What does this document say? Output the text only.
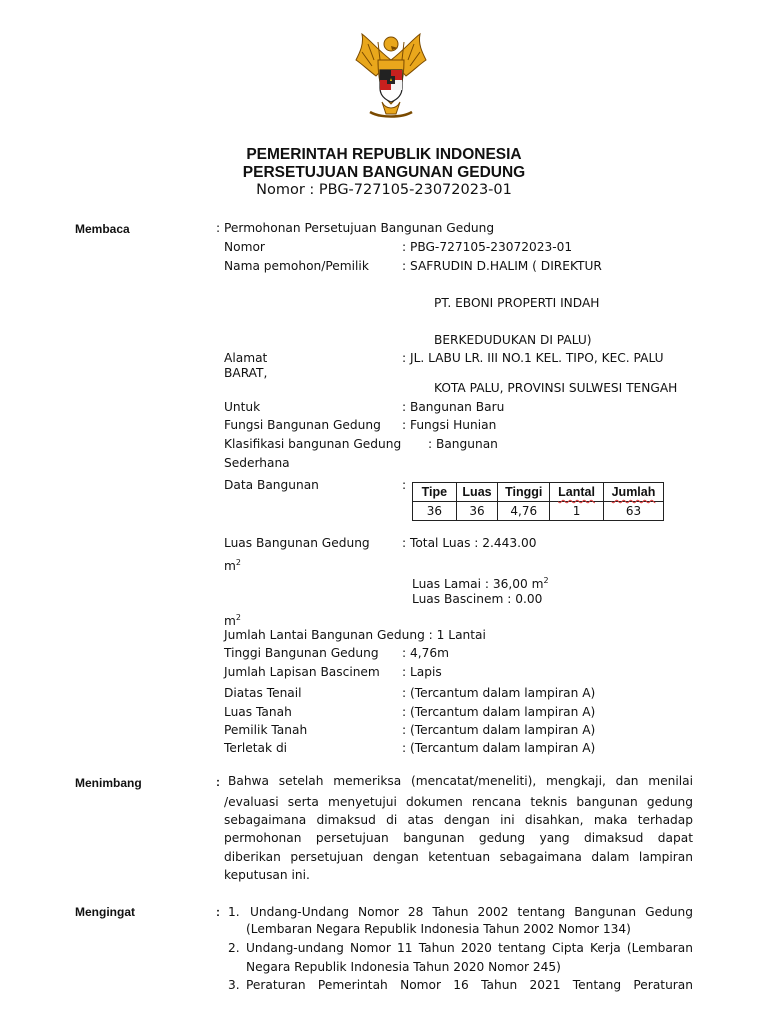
PEMERINTAH REPUBLIK INDONESIA
PERSETUJUAN BANGUNAN GEDUNG
Nomor : PBG-727105-23072023-01
Membaca	: Permohonan Persetujuan Bangunan Gedung
Nomor	: PBG-727105-23072023-01
Nama pemohon/Pemilik	: SAFRUDIN D.HALIM ( DIREKTUR
PT. EBONI PROPERTI INDAH
BERKEDUDUKAN DI PALU)
Alamat	: JL. LABU LR. III NO.1 KEL. TIPO, KEC. PALU
BARAT,
KOTA PALU, PROVINSI SULWESI TENGAH
Untuk	: Bangunan Baru
Fungsi Bangunan Gedung : Fungsi Hunian
Klasifikasi bangunan Gedung : Bangunan
Sederhana
Data Bangunan	: Tipe	Luas	Tinggi	Lantal	Jumlah
36	36	4,76	1	63
Luas Bangunan Gedung	: Total Luas : 2.443.00
$m^2$
Luas Lamai : 36,00 $m^2$
Luas Bascinem : 0.00
$m^2$
Jumlah Lantai Bangunan Gedung : 1 Lantai
Tinggi Bangunan Gedung : 4,76m
Jumlah Lapisan Bascinem : Lapis
Diatas Tenail	: (Tercantum dalam lampiran A)
Luas Tanah	: (Tercantum dalam lampiran A)
Pemilik Tanah	: (Tercantum dalam lampiran A)
Terletak di	: (Tercantum dalam lampiran A)
Menimbang	: Bahwa setelah memeriksa (mencatat/meneliti), mengkaji, dan menilai
/evaluasi serta menyetujui dokumen rencana teknis bangunan gedung
sebagaimana dimaksud di atas dengan ini disahkan, maka terhadap
permohonan persetujuan bangunan gedung yang dimaksud dapat
diberikan persetujuan dengan ketentuan sebagaimana dalam lampiran
keputusan ini.
Mengingat	: 1. Undang-Undang Nomor 28 Tahun 2002 tentang Bangunan Gedung
(Lembaran Negara Republik Indonesia Tahun 2002 Nomor 134)
2. Undang-undang Nomor 11 Tahun 2020 tentang Cipta Kerja (Lembaran
Negara Republik Indonesia Tahun 2020 Nomor 245)
3. Peraturan Pemerintah Nomor 16 Tahun 2021 Tentang Peraturan
